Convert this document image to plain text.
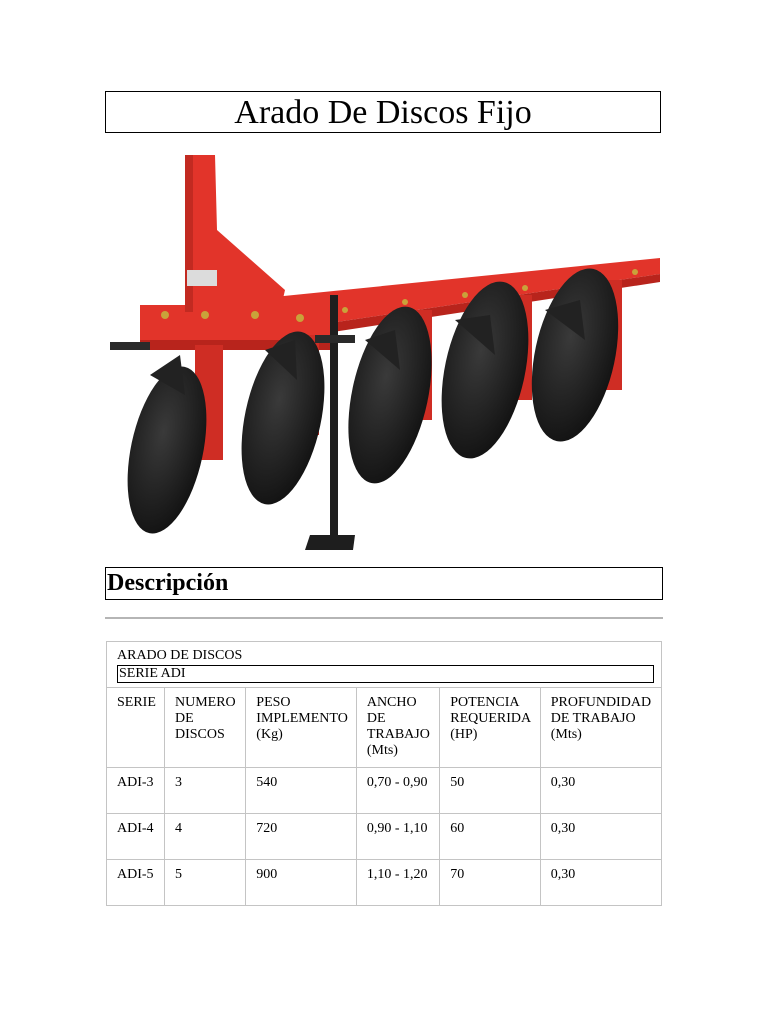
Arado De Discos Fijo
Descripción
ARADO DE DISCOS
SERIE ADI					

SERIE	NUMERO DE DISCOS	PESO IMPLEMENTO (Kg)	ANCHO DE TRABAJO (Mts)	POTENCIA REQUERIDA (HP)	PROFUNDIDAD DE TRABAJO (Mts)
ADI-3	3	540	0,70 - 0,90	50	0,30
ADI-4	4	720	0,90 - 1,10	60	0,30
ADI-5	5	900	1,10 - 1,20	70	0,30
